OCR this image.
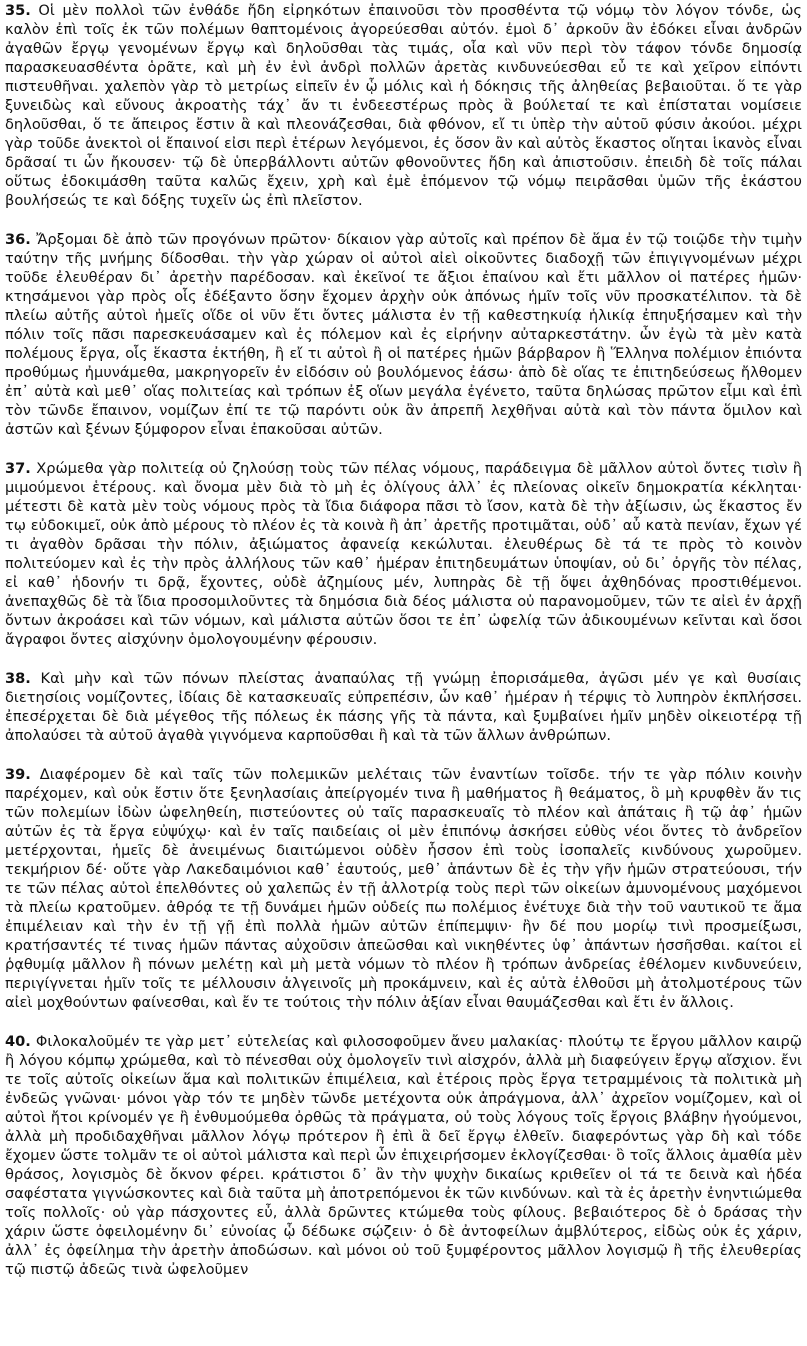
35. Οἱ μὲν πολλοὶ τῶν ἐνθάδε ἤδη εἰρηκότων ἐπαινοῦσι τὸν προσθέντα τῷ νόμῳ τὸν λόγον τόνδε, ὡς καλὸν ἐπὶ τοῖς ἐκ τῶν πολέμων θαπτομένοις ἀγορεύεσθαι αὐτόν. ἐμοὶ δ᾽ ἀρκοῦν ἂν ἐδόκει εἶναι ἀνδρῶν ἀγαθῶν ἔργῳ γενομένων ἔργῳ καὶ δηλοῦσθαι τὰς τιμάς, οἷα καὶ νῦν περὶ τὸν τάφον τόνδε δημοσίᾳ παρασκευασθέντα ὁρᾶτε, καὶ μὴ ἐν ἑνὶ ἀνδρὶ πολλῶν ἀρετὰς κινδυνεύεσθαι εὖ τε καὶ χεῖρον εἰπόντι πιστευθῆναι. χαλεπὸν γὰρ τὸ μετρίως εἰπεῖν ἐν ᾧ μόλις καὶ ἡ δόκησις τῆς ἀληθείας βεβαιοῦται. ὅ τε γὰρ ξυνειδὼς καὶ εὔνους ἀκροατὴς τάχ᾽ ἄν τι ἐνδεεστέρως πρὸς ἃ βούλεταί τε καὶ ἐπίσταται νομίσειε δηλοῦσθαι, ὅ τε ἄπειρος ἔστιν ἃ καὶ πλεονάζεσθαι, διὰ φθόνον, εἴ τι ὑπὲρ τὴν αὑτοῦ φύσιν ἀκούοι. μέχρι γὰρ τοῦδε ἀνεκτοὶ οἱ ἔπαινοί εἰσι περὶ ἑτέρων λεγόμενοι, ἐς ὅσον ἂν καὶ αὐτὸς ἕκαστος οἴηται ἱκανὸς εἶναι δρᾶσαί τι ὧν ἤκουσεν· τῷ δὲ ὑπερβάλλοντι αὐτῶν φθονοῦντες ἤδη καὶ ἀπιστοῦσιν. ἐπειδὴ δὲ τοῖς πάλαι οὕτως ἐδοκιμάσθη ταῦτα καλῶς ἔχειν, χρὴ καὶ ἐμὲ ἑπόμενον τῷ νόμῳ πειρᾶσθαι ὑμῶν τῆς ἑκάστου βουλήσεώς τε καὶ δόξης τυχεῖν ὡς ἐπὶ πλεῖστον.

36. Ἄρξομαι δὲ ἀπὸ τῶν προγόνων πρῶτον· δίκαιον γὰρ αὐτοῖς καὶ πρέπον δὲ ἅμα ἐν τῷ τοιῷδε τὴν τιμὴν ταύτην τῆς μνήμης δίδοσθαι. τὴν γὰρ χώραν οἱ αὐτοὶ αἰεὶ οἰκοῦντες διαδοχῇ τῶν ἐπιγιγνομένων μέχρι τοῦδε ἐλευθέραν δι᾽ ἀρετὴν παρέδοσαν. καὶ ἐκεῖνοί τε ἄξιοι ἐπαίνου καὶ ἔτι μᾶλλον οἱ πατέρες ἡμῶν· κτησάμενοι γὰρ πρὸς οἷς ἐδέξαντο ὅσην ἔχομεν ἀρχὴν οὐκ ἀπόνως ἡμῖν τοῖς νῦν προσκατέλιπον. τὰ δὲ πλείω αὐτῆς αὐτοὶ ἡμεῖς οἵδε οἱ νῦν ἔτι ὄντες μάλιστα ἐν τῇ καθεστηκυίᾳ ἡλικίᾳ ἐπηυξήσαμεν καὶ τὴν πόλιν τοῖς πᾶσι παρεσκευάσαμεν καὶ ἐς πόλεμον καὶ ἐς εἰρήνην αὐταρκεστάτην. ὧν ἐγὼ τὰ μὲν κατὰ πολέμους ἔργα, οἷς ἕκαστα ἐκτήθη, ἢ εἴ τι αὐτοὶ ἢ οἱ πατέρες ἡμῶν βάρβαρον ἢ Ἕλληνα πολέμιον ἐπιόντα προθύμως ἠμυνάμεθα, μακρηγορεῖν ἐν εἰδόσιν οὐ βουλόμενος ἐάσω· ἀπὸ δὲ οἵας τε ἐπιτηδεύσεως ἤλθομεν ἐπ᾽ αὐτὰ καὶ μεθ᾽ οἵας πολιτείας καὶ τρόπων ἐξ οἵων μεγάλα ἐγένετο, ταῦτα δηλώσας πρῶτον εἶμι καὶ ἐπὶ τὸν τῶνδε ἔπαινον, νομίζων ἐπί τε τῷ παρόντι οὐκ ἂν ἀπρεπῆ λεχθῆναι αὐτὰ καὶ τὸν πάντα ὅμιλον καὶ ἀστῶν καὶ ξένων ξύμφορον εἶναι ἐπακοῦσαι αὐτῶν.

37. Χρώμεθα γὰρ πολιτείᾳ οὐ ζηλούσῃ τοὺς τῶν πέλας νόμους, παράδειγμα δὲ μᾶλλον αὐτοὶ ὄντες τισὶν ἢ μιμούμενοι ἑτέρους. καὶ ὄνομα μὲν διὰ τὸ μὴ ἐς ὀλίγους ἀλλ᾽ ἐς πλείονας οἰκεῖν δημοκρατία κέκληται· μέτεστι δὲ κατὰ μὲν τοὺς νόμους πρὸς τὰ ἴδια διάφορα πᾶσι τὸ ἴσον, κατὰ δὲ τὴν ἀξίωσιν, ὡς ἕκαστος ἔν τῳ εὐδοκιμεῖ, οὐκ ἀπὸ μέρους τὸ πλέον ἐς τὰ κοινὰ ἢ ἀπ᾽ ἀρετῆς προτιμᾶται, οὐδ᾽ αὖ κατὰ πενίαν, ἔχων γέ τι ἀγαθὸν δρᾶσαι τὴν πόλιν, ἀξιώματος ἀφανείᾳ κεκώλυται. ἐλευθέρως δὲ τά τε πρὸς τὸ κοινὸν πολιτεύομεν καὶ ἐς τὴν πρὸς ἀλλήλους τῶν καθ᾽ ἡμέραν ἐπιτηδευμάτων ὑποψίαν, οὐ δι᾽ ὀργῆς τὸν πέλας, εἰ καθ᾽ ἡδονήν τι δρᾷ, ἔχοντες, οὐδὲ ἀζημίους μέν, λυπηρὰς δὲ τῇ ὄψει ἀχθηδόνας προστιθέμενοι. ἀνεπαχθῶς δὲ τὰ ἴδια προσομιλοῦντες τὰ δημόσια διὰ δέος μάλιστα οὐ παρανομοῦμεν, τῶν τε αἰεὶ ἐν ἀρχῇ ὄντων ἀκροάσει καὶ τῶν νόμων, καὶ μάλιστα αὐτῶν ὅσοι τε ἐπ᾽ ὠφελίᾳ τῶν ἀδικουμένων κεῖνται καὶ ὅσοι ἄγραφοι ὄντες αἰσχύνην ὁμολογουμένην φέρουσιν.

38. Καὶ μὴν καὶ τῶν πόνων πλείστας ἀναπαύλας τῇ γνώμῃ ἐπορισάμεθα, ἀγῶσι μέν γε καὶ θυσίαις διετησίοις νομίζοντες, ἰδίαις δὲ κατασκευαῖς εὐπρεπέσιν, ὧν καθ᾽ ἡμέραν ἡ τέρψις τὸ λυπηρὸν ἐκπλήσσει. ἐπεσέρχεται δὲ διὰ μέγεθος τῆς πόλεως ἐκ πάσης γῆς τὰ πάντα, καὶ ξυμβαίνει ἡμῖν μηδὲν οἰκειοτέρᾳ τῇ ἀπολαύσει τὰ αὐτοῦ ἀγαθὰ γιγνόμενα καρποῦσθαι ἢ καὶ τὰ τῶν ἄλλων ἀνθρώπων.

39. Διαφέρομεν δὲ καὶ ταῖς τῶν πολεμικῶν μελέταις τῶν ἐναντίων τοῖσδε. τήν τε γὰρ πόλιν κοινὴν παρέχομεν, καὶ οὐκ ἔστιν ὅτε ξενηλασίαις ἀπείργομέν τινα ἢ μαθήματος ἢ θεάματος, ὃ μὴ κρυφθὲν ἄν τις τῶν πολεμίων ἰδὼν ὠφεληθείη, πιστεύοντες οὐ ταῖς παρασκευαῖς τὸ πλέον καὶ ἀπάταις ἢ τῷ ἀφ᾽ ἡμῶν αὐτῶν ἐς τὰ ἔργα εὐψύχῳ· καὶ ἐν ταῖς παιδείαις οἱ μὲν ἐπιπόνῳ ἀσκήσει εὐθὺς νέοι ὄντες τὸ ἀνδρεῖον μετέρχονται, ἡμεῖς δὲ ἀνειμένως διαιτώμενοι οὐδὲν ἧσσον ἐπὶ τοὺς ἰσοπαλεῖς κινδύνους χωροῦμεν. τεκμήριον δέ· οὔτε γὰρ Λακεδαιμόνιοι καθ᾽ ἑαυτούς, μεθ᾽ ἁπάντων δὲ ἐς τὴν γῆν ἡμῶν στρατεύουσι, τήν τε τῶν πέλας αὐτοὶ ἐπελθόντες οὐ χαλεπῶς ἐν τῇ ἀλλοτρίᾳ τοὺς περὶ τῶν οἰκείων ἀμυνομένους μαχόμενοι τὰ πλείω κρατοῦμεν. ἀθρόᾳ τε τῇ δυνάμει ἡμῶν οὐδείς πω πολέμιος ἐνέτυχε διὰ τὴν τοῦ ναυτικοῦ τε ἅμα ἐπιμέλειαν καὶ τὴν ἐν τῇ γῇ ἐπὶ πολλὰ ἡμῶν αὐτῶν ἐπίπεμψιν· ἢν δέ που μορίῳ τινὶ προσμείξωσι, κρατήσαντές τέ τινας ἡμῶν πάντας αὐχοῦσιν ἀπεῶσθαι καὶ νικηθέντες ὑφ᾽ ἁπάντων ἡσσῆσθαι. καίτοι εἰ ῥᾳθυμίᾳ μᾶλλον ἢ πόνων μελέτῃ καὶ μὴ μετὰ νόμων τὸ πλέον ἢ τρόπων ἀνδρείας ἐθέλομεν κινδυνεύειν, περιγίγνεται ἡμῖν τοῖς τε μέλλουσιν ἀλγεινοῖς μὴ προκάμνειν, καὶ ἐς αὐτὰ ἐλθοῦσι μὴ ἀτολμοτέρους τῶν αἰεὶ μοχθούντων φαίνεσθαι, καὶ ἔν τε τούτοις τὴν πόλιν ἀξίαν εἶναι θαυμάζεσθαι καὶ ἔτι ἐν ἄλλοις.

40. Φιλοκαλοῦμέν τε γὰρ μετ᾽ εὐτελείας καὶ φιλοσοφοῦμεν ἄνευ μαλακίας· πλούτῳ τε ἔργου μᾶλλον καιρῷ ἢ λόγου κόμπῳ χρώμεθα, καὶ τὸ πένεσθαι οὐχ ὁμολογεῖν τινὶ αἰσχρόν, ἀλλὰ μὴ διαφεύγειν ἔργῳ αἴσχιον. ἔνι τε τοῖς αὐτοῖς οἰκείων ἅμα καὶ πολιτικῶν ἐπιμέλεια, καὶ ἑτέροις πρὸς ἔργα τετραμμένοις τὰ πολιτικὰ μὴ ἐνδεῶς γνῶναι· μόνοι γὰρ τόν τε μηδὲν τῶνδε μετέχοντα οὐκ ἀπράγμονα, ἀλλ᾽ ἀχρεῖον νομίζομεν, καὶ οἱ αὐτοὶ ἤτοι κρίνομέν γε ἢ ἐνθυμούμεθα ὀρθῶς τὰ πράγματα, οὐ τοὺς λόγους τοῖς ἔργοις βλάβην ἡγούμενοι, ἀλλὰ μὴ προδιδαχθῆναι μᾶλλον λόγῳ πρότερον ἢ ἐπὶ ἃ δεῖ ἔργῳ ἐλθεῖν. διαφερόντως γὰρ δὴ καὶ τόδε ἔχομεν ὥστε τολμᾶν τε οἱ αὐτοὶ μάλιστα καὶ περὶ ὧν ἐπιχειρήσομεν ἐκλογίζεσθαι· ὃ τοῖς ἄλλοις ἀμαθία μὲν θράσος, λογισμὸς δὲ ὄκνον φέρει. κράτιστοι δ᾽ ἂν τὴν ψυχὴν δικαίως κριθεῖεν οἱ τά τε δεινὰ καὶ ἡδέα σαφέστατα γιγνώσκοντες καὶ διὰ ταῦτα μὴ ἀποτρεπόμενοι ἐκ τῶν κινδύνων. καὶ τὰ ἐς ἀρετὴν ἐνηντιώμεθα τοῖς πολλοῖς· οὐ γὰρ πάσχοντες εὖ, ἀλλὰ δρῶντες κτώμεθα τοὺς φίλους. βεβαιότερος δὲ ὁ δράσας τὴν χάριν ὥστε ὀφειλομένην δι᾽ εὐνοίας ᾧ δέδωκε σῴζειν· ὁ δὲ ἀντοφείλων ἀμβλύτερος, εἰδὼς οὐκ ἐς χάριν, ἀλλ᾽ ἐς ὀφείλημα τὴν ἀρετὴν ἀποδώσων. καὶ μόνοι οὐ τοῦ ξυμφέροντος μᾶλλον λογισμῷ ἢ τῆς ἐλευθερίας τῷ πιστῷ ἀδεῶς τινὰ ὠφελοῦμεν
